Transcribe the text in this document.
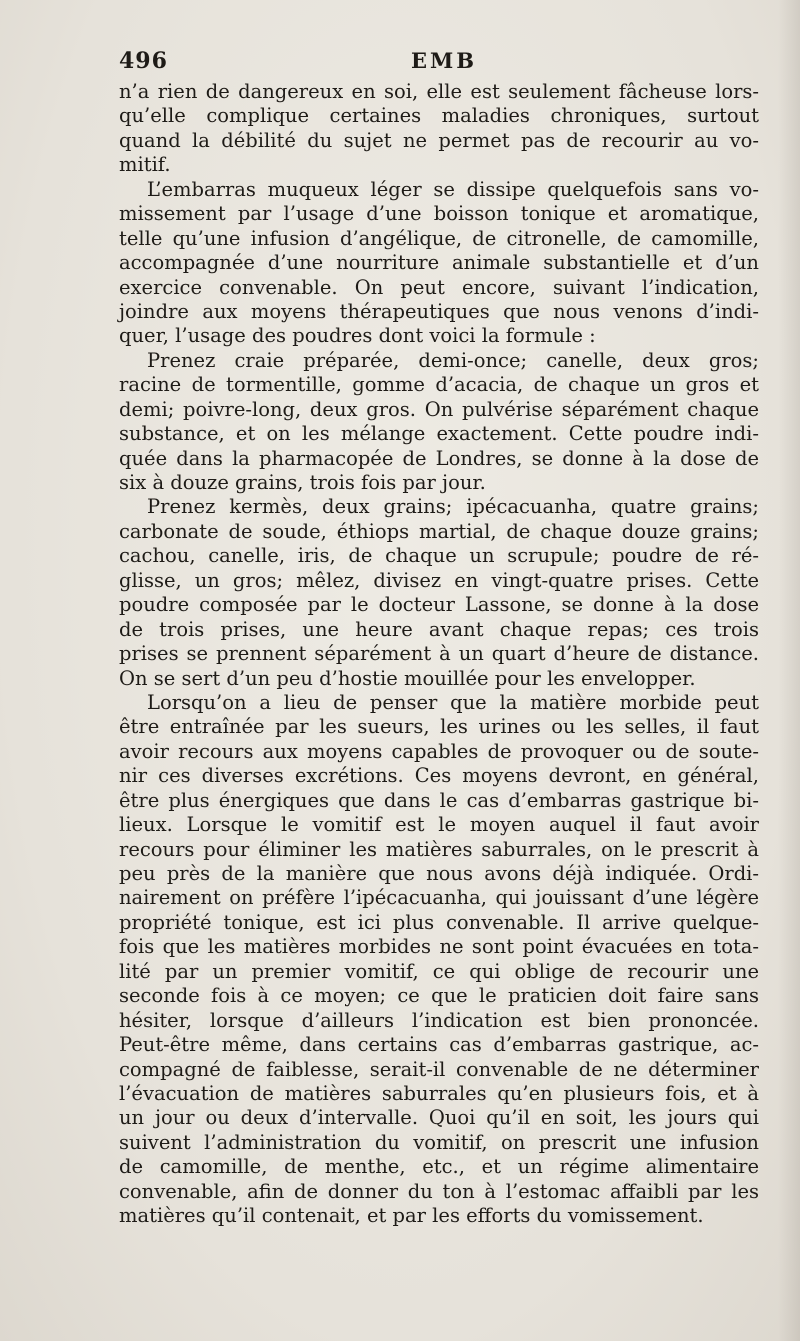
496	EMB
n’a rien de dangereux en soi, elle est seulement fâcheuse lors-
qu’elle complique certaines maladies chroniques, surtout
quand la débilité du sujet ne permet pas de recourir au vo-
mitif.
L’embarras muqueux léger se dissipe quelquefois sans vo-
missement par l’usage d’une boisson tonique et aromatique,
telle qu’une infusion d’angélique, de citronelle, de camomille,
accompagnée d’une nourriture animale substantielle et d’un
exercice convenable. On peut encore, suivant l’indication,
joindre aux moyens thérapeutiques que nous venons d’indi-
quer, l’usage des poudres dont voici la formule :
Prenez craie préparée, demi-once; canelle, deux gros;
racine de tormentille, gomme d’acacia, de chaque un gros et
demi; poivre-long, deux gros. On pulvérise séparément chaque
substance, et on les mélange exactement. Cette poudre indi-
quée dans la pharmacopée de Londres, se donne à la dose de
six à douze grains, trois fois par jour.
Prenez kermès, deux grains; ipécacuanha, quatre grains;
carbonate de soude, éthiops martial, de chaque douze grains;
cachou, canelle, iris, de chaque un scrupule; poudre de ré-
glisse, un gros; mêlez, divisez en vingt-quatre prises. Cette
poudre composée par le docteur Lassone, se donne à la dose
de trois prises, une heure avant chaque repas; ces trois
prises se prennent séparément à un quart d’heure de distance.
On se sert d’un peu d’hostie mouillée pour les envelopper.
Lorsqu’on a lieu de penser que la matière morbide peut
être entraînée par les sueurs, les urines ou les selles, il faut
avoir recours aux moyens capables de provoquer ou de soute-
nir ces diverses excrétions. Ces moyens devront, en général,
être plus énergiques que dans le cas d’embarras gastrique bi-
lieux. Lorsque le vomitif est le moyen auquel il faut avoir
recours pour éliminer les matières saburrales, on le prescrit à
peu près de la manière que nous avons déjà indiquée. Ordi-
nairement on préfère l’ipécacuanha, qui jouissant d’une légère
propriété tonique, est ici plus convenable. Il arrive quelque-
fois que les matières morbides ne sont point évacuées en tota-
lité par un premier vomitif, ce qui oblige de recourir une
seconde fois à ce moyen; ce que le praticien doit faire sans
hésiter, lorsque d’ailleurs l’indication est bien prononcée.
Peut-être même, dans certains cas d’embarras gastrique, ac-
compagné de faiblesse, serait-il convenable de ne déterminer
l’évacuation de matières saburrales qu’en plusieurs fois, et à
un jour ou deux d’intervalle. Quoi qu’il en soit, les jours qui
suivent l’administration du vomitif, on prescrit une infusion
de camomille, de menthe, etc., et un régime alimentaire
convenable, afin de donner du ton à l’estomac affaibli par les
matières qu’il contenait, et par les efforts du vomissement.
